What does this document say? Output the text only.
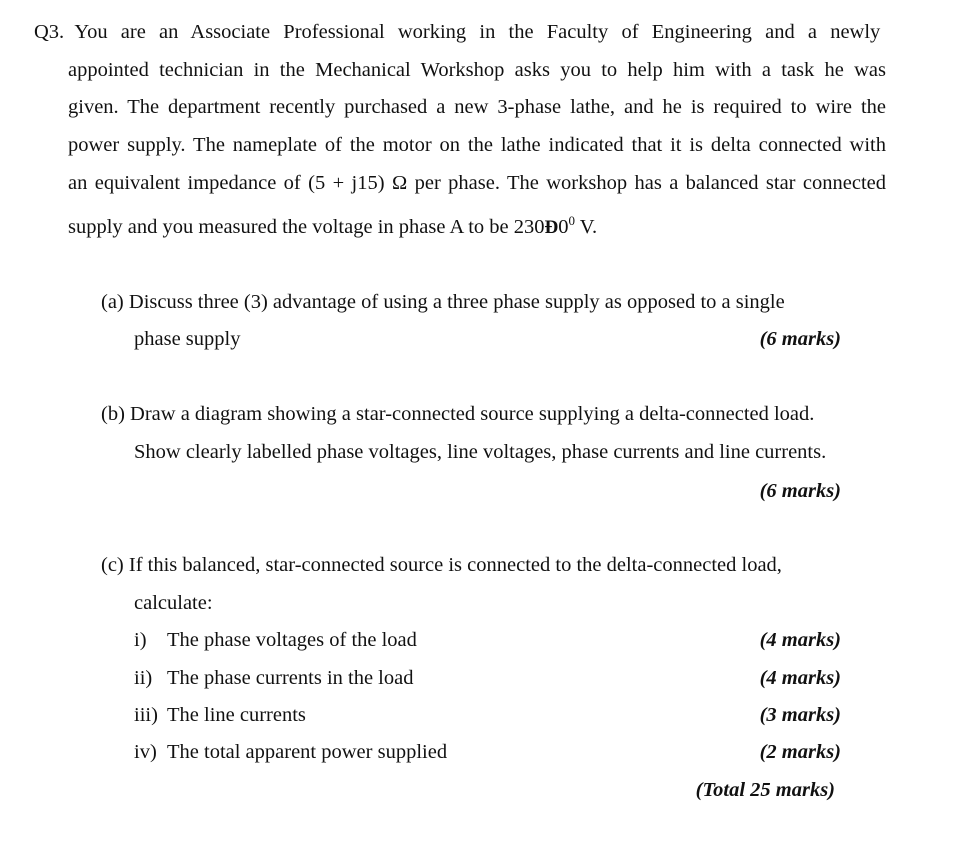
Q3. You are an Associate Professional working in the Faculty of Engineering and a newly
appointed technician in the Mechanical Workshop asks you to help him with a task he was
given. The department recently purchased a new 3-phase lathe, and he is required to wire the
power supply. The nameplate of the motor on the lathe indicated that it is delta connected with
an equivalent impedance of (5 + j15) Ω per phase. The workshop has a balanced star connected
supply and you measured the voltage in phase A to be $230Ð0^0$ V.
(a) Discuss three (3) advantage of using a three phase supply as opposed to a single
phase supply	(6 marks)
(b) Draw a diagram showing a star-connected source supplying a delta-connected load.
Show clearly labelled phase voltages, line voltages, phase currents and line currents.
(6 marks)
(c) If this balanced, star-connected source is connected to the delta-connected load,
calculate:
i) The phase voltages of the load	(4 marks)
ii) The phase currents in the load	(4 marks)
iii) The line currents	(3 marks)
iv) The total apparent power supplied	(2 marks)
(Total 25 marks)
